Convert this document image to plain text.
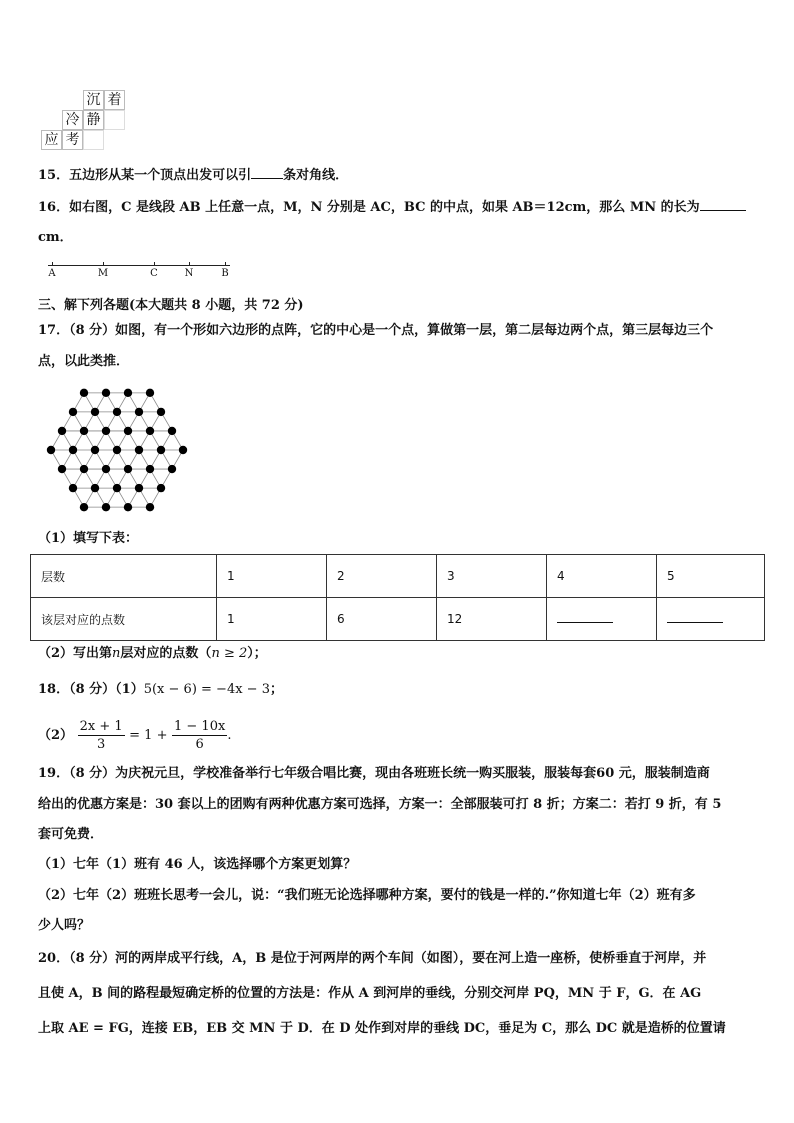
沉 着
冷 静
应 考
15．五边形从某一个顶点出发可以引 条对角线．
16．如右图，C 是线段 AB 上任意一点，M，N 分别是 AC，BC 的中点，如果 AB＝12cm，那么 MN 的长为
cm．
A	M	C	N	B
三、解下列各题(本大题共 8 小题，共 72 分)
17．（8 分）如图，有一个形如六边形的点阵，它的中心是一个点，算做第一层，第二层每边两个点，第三层每边三个
点，以此类推．
（1）填写下表：
层数	1	2	3	4	5
该层对应的点数	1	6	12		
（2）写出第n层对应的点数（n ≥ 2）；
18．（8 分）（1）5(x − 6) = −4x − 3；
$(2) \frac{2x + 1}{3} = 1 + \frac{1 - 10x}{6}$ .
19．（8 分）为庆祝元旦，学校准备举行七年级合唱比赛，现由各班班长统一购买服装，服装每套60 元，服装制造商
给出的优惠方案是：30 套以上的团购有两种优惠方案可选择，方案一：全部服装可打 8 折；方案二：若打 9 折，有 5
套可免费．
（1）七年（1）班有 46 人，该选择哪个方案更划算？
（2）七年（2）班班长思考一会儿，说：“我们班无论选择哪种方案，要付的钱是一样的.”你知道七年（2）班有多
少人吗？
20．（8 分）河的两岸成平行线，A，B 是位于河两岸的两个车间（如图），要在河上造一座桥，使桥垂直于河岸，并
且使 A，B 间的路程最短确定桥的位置的方法是：作从 A 到河岸的垂线，分别交河岸 PQ，MN 于 F，G．在 AG
上取 AE = FG，连接 EB，EB 交 MN 于 D．在 D 处作到对岸的垂线 DC，垂足为 C，那么 DC 就是造桥的位置请
